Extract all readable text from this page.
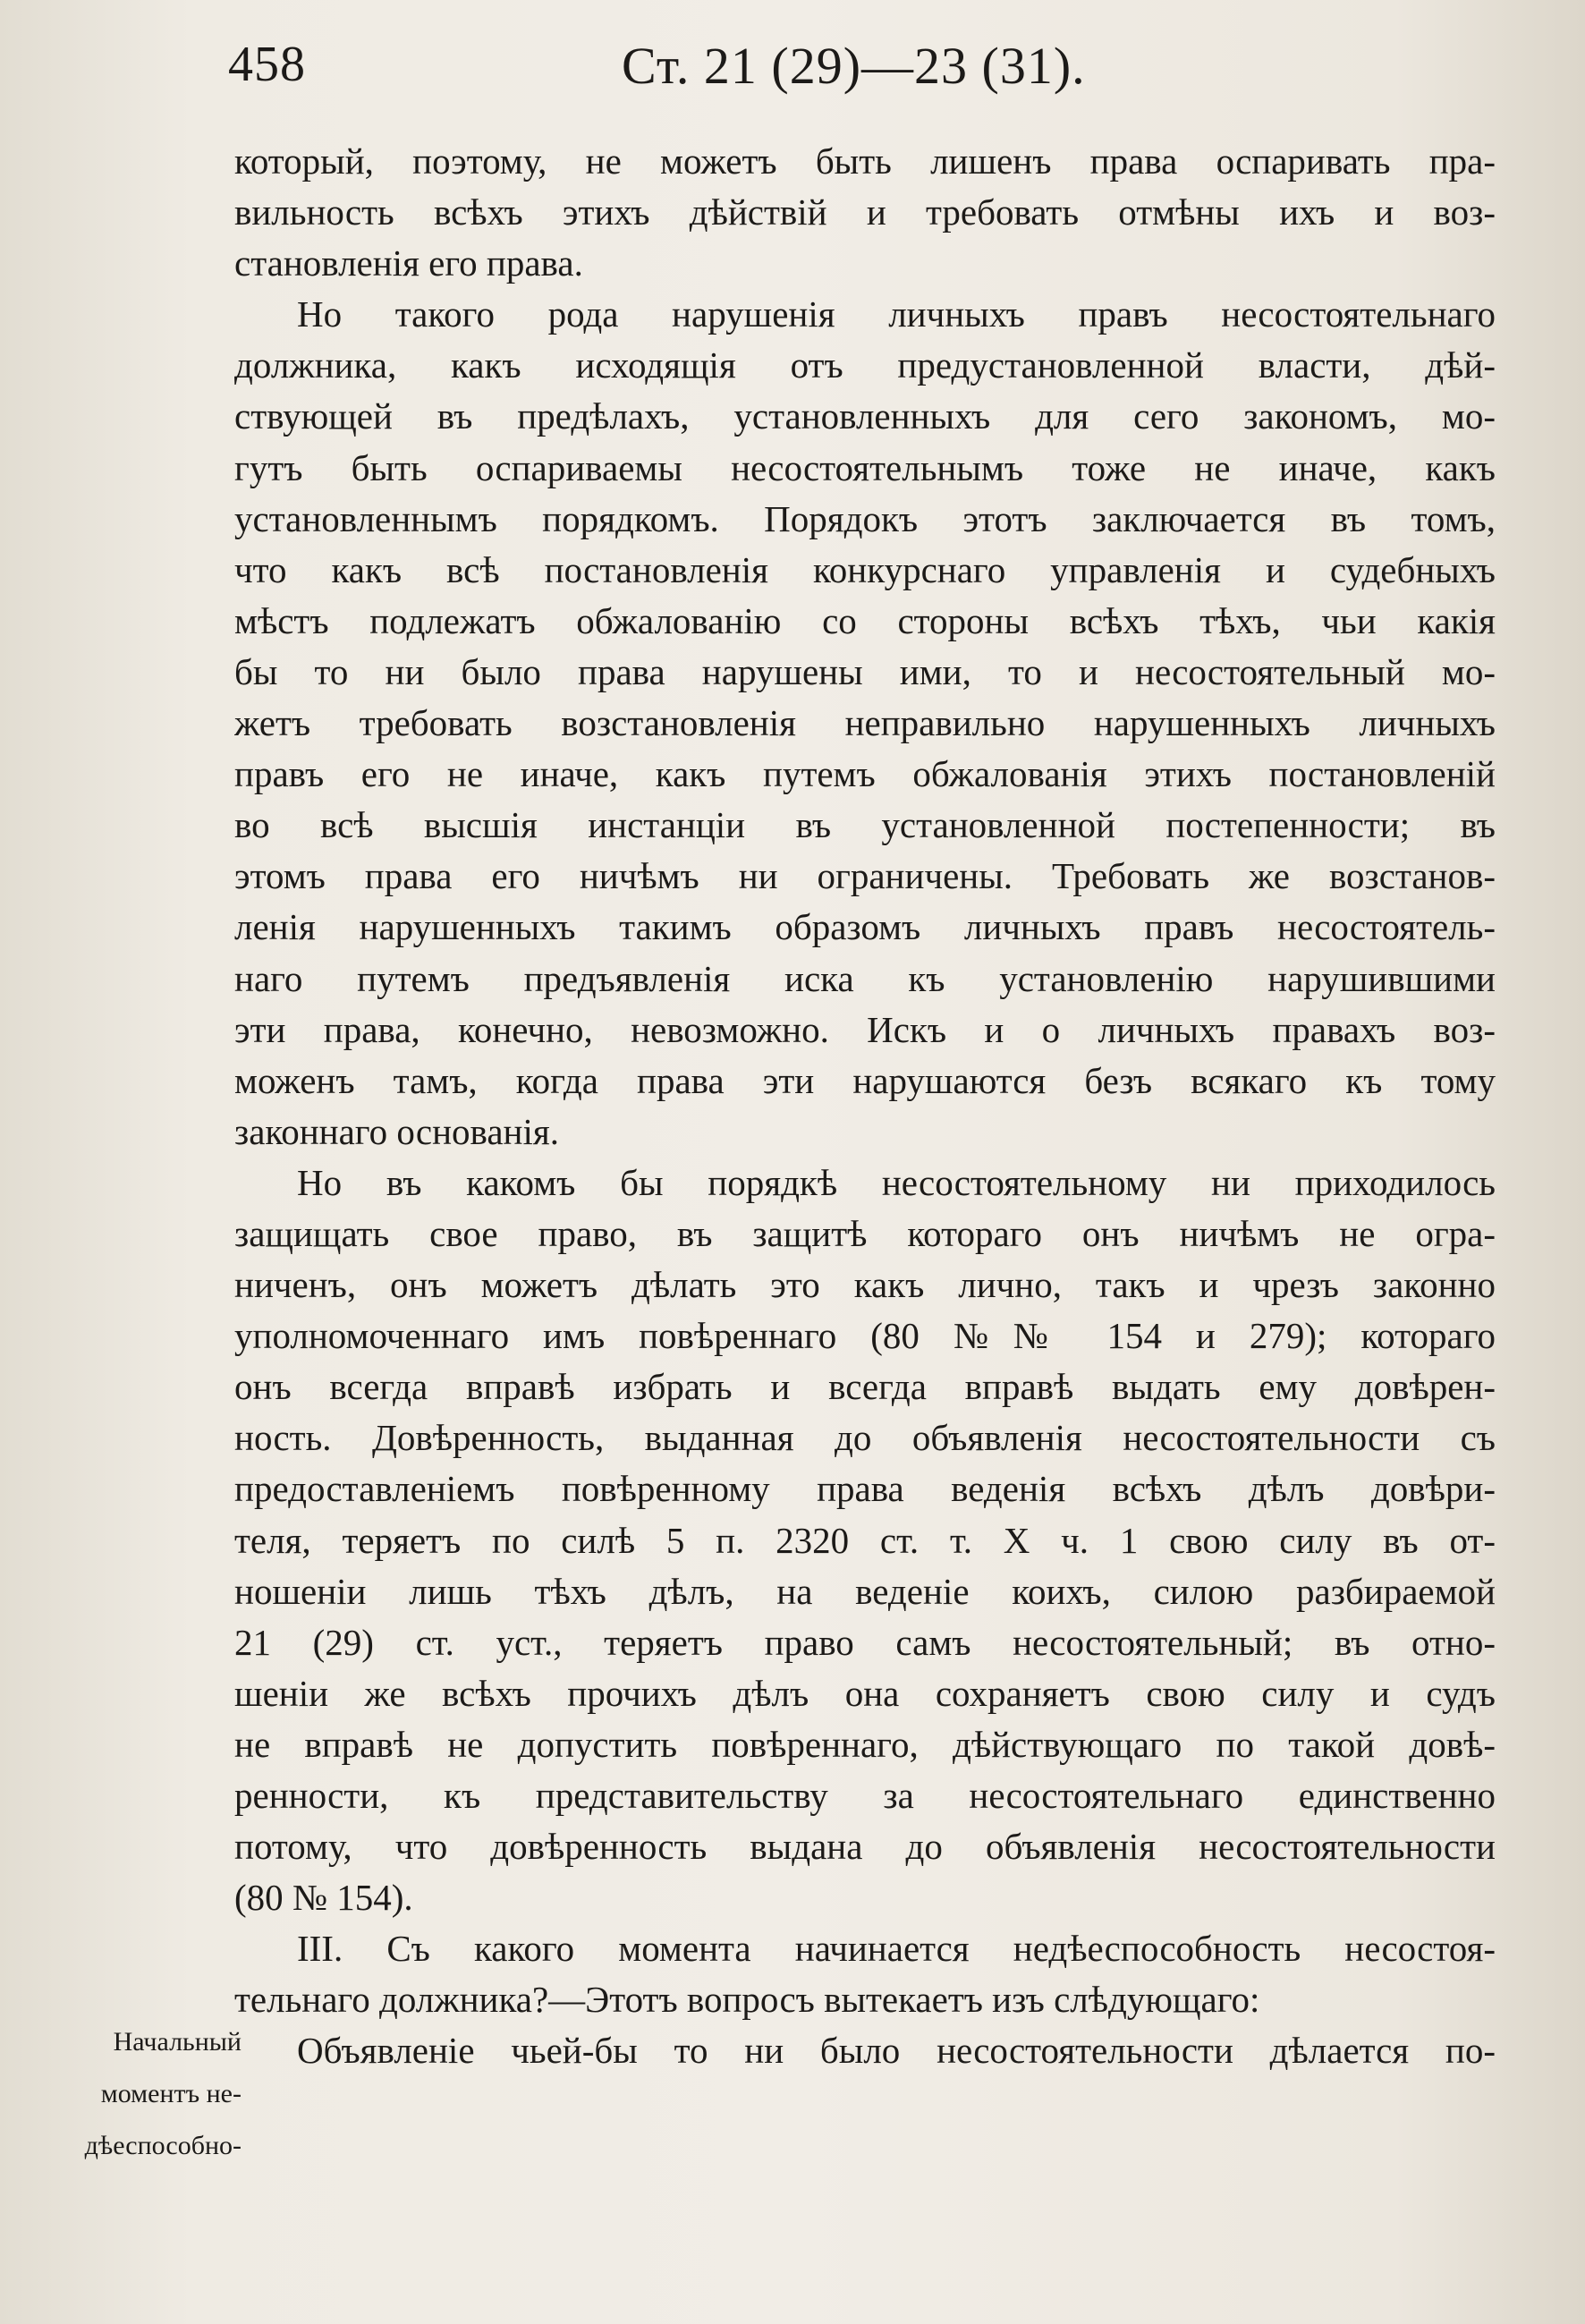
458	Ст. 21 (29)—23 (31).
который, поэтому, не можетъ быть лишенъ права оспаривать пра-
вильность всѣхъ этихъ дѣйствій и требовать отмѣны ихъ и воз-
становленія его права.
Но такого рода нарушенія личныхъ правъ несостоятельнаго
должника, какъ исходящія отъ предустановленной власти, дѣй-
ствующей въ предѣлахъ, установленныхъ для сего закономъ, мо-
гутъ быть оспариваемы несостоятельнымъ тоже не иначе, какъ
установленнымъ порядкомъ. Порядокъ этотъ заключается въ томъ,
что какъ всѣ постановленія конкурснаго управленія и судебныхъ
мѣстъ подлежатъ обжалованію со стороны всѣхъ тѣхъ, чьи какія
бы то ни было права нарушены ими, то и несостоятельный мо-
жетъ требовать возстановленія неправильно нарушенныхъ личныхъ
правъ его не иначе, какъ путемъ обжалованія этихъ постановленій
во всѣ высшія инстанціи въ установленной постепенности; въ
этомъ права его ничѣмъ ни ограничены. Требовать же возстанов-
ленія нарушенныхъ такимъ образомъ личныхъ правъ несостоятель-
наго путемъ предъявленія иска къ установленію нарушившими
эти права, конечно, невозможно. Искъ и о личныхъ правахъ воз-
моженъ тамъ, когда права эти нарушаются безъ всякаго къ тому
законнаго основанія.
Но въ какомъ бы порядкѣ несостоятельному ни приходилось
защищать свое право, въ защитѣ котораго онъ ничѣмъ не огра-
ниченъ, онъ можетъ дѣлать это какъ лично, такъ и чрезъ законно
уполномоченнаго имъ повѣреннаго (80 №№ 154 и 279); котораго
онъ всегда вправѣ избрать и всегда вправѣ выдать ему довѣрен-
ность. Довѣренность, выданная до объявленія несостоятельности съ
предоставленіемъ повѣренному права веденія всѣхъ дѣлъ довѣри-
теля, теряетъ по силѣ 5 п. 2320 ст. т. X ч. 1 свою силу въ от-
ношеніи лишь тѣхъ дѣлъ, на веденіе коихъ, силою разбираемой
21 (29) ст. уст., теряетъ право самъ несостоятельный; въ отно-
шеніи же всѣхъ прочихъ дѣлъ она сохраняетъ свою силу и судъ
не вправѣ не допустить повѣреннаго, дѣйствующаго по такой довѣ-
ренности, къ представительству за несостоятельнаго единственно
потому, что довѣренность выдана до объявленія несостоятельности
(80 № 154).
III. Съ какого момента начинается недѣеспособность несостоя-
тельнаго должника?—Этотъ вопросъ вытекаетъ изъ слѣдующаго:
Объявленіе чьей-бы то ни было несостоятельности дѣлается по-
Начальный
моментъ не-
дѣеспособно-
